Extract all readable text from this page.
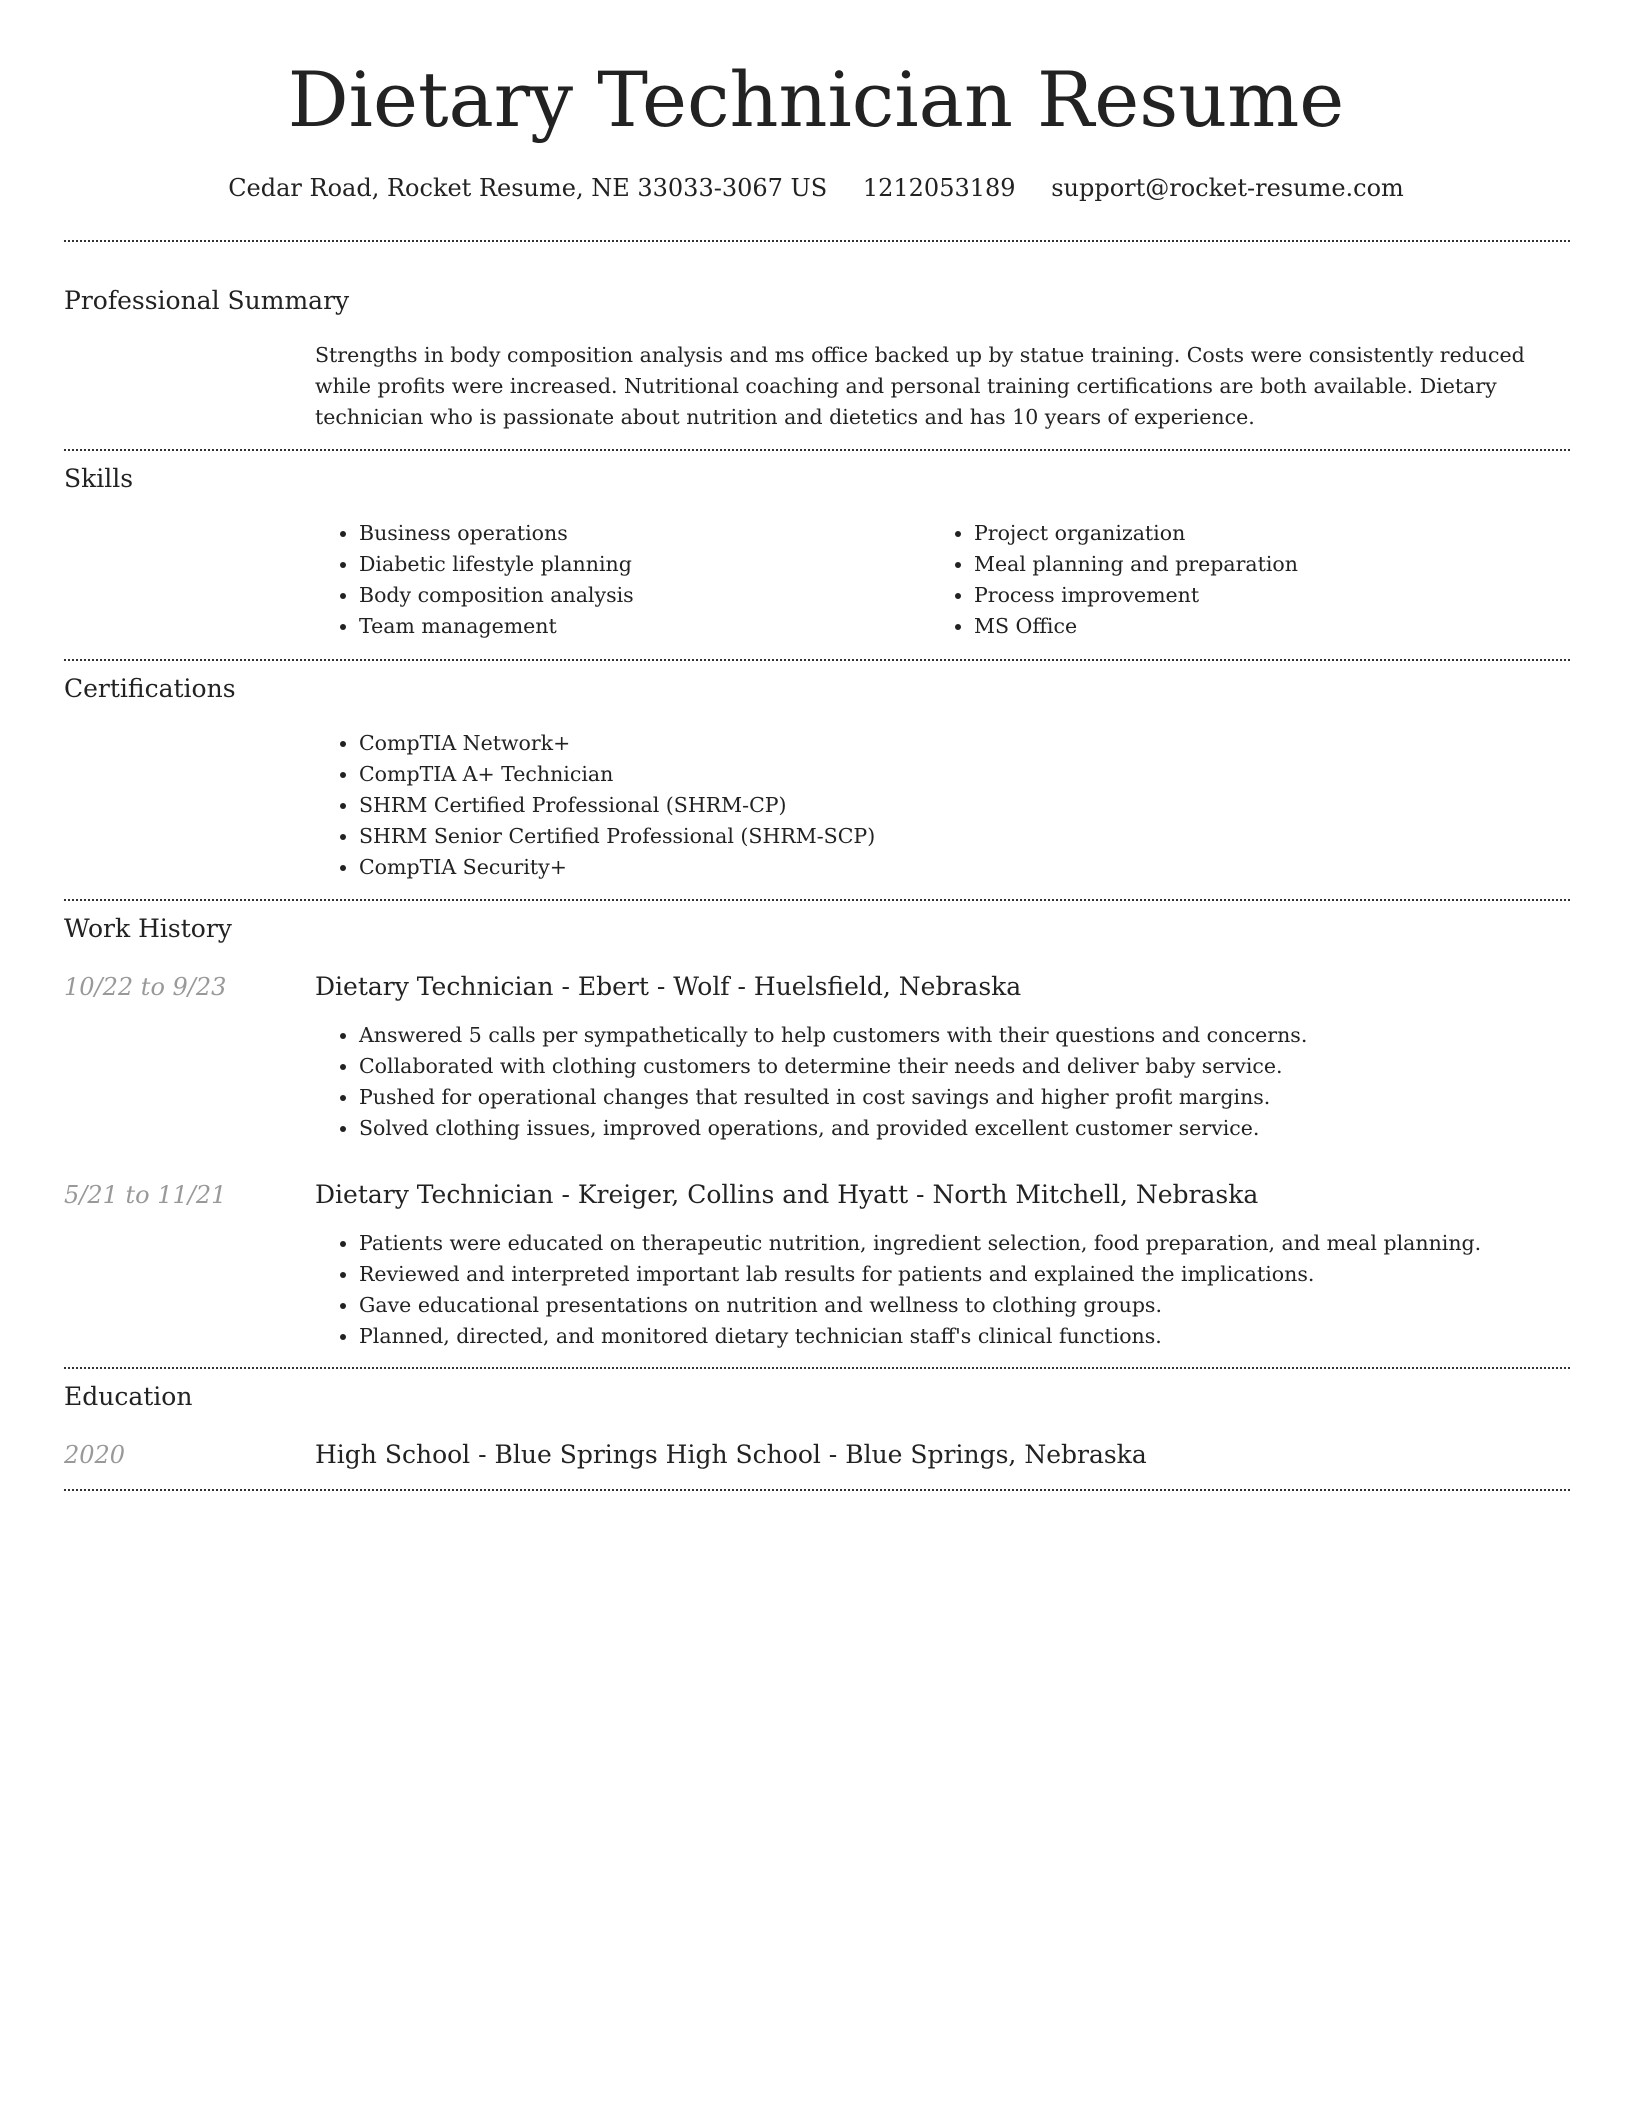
Dietary Technician Resume
Cedar Road, Rocket Resume, NE 33033-3067 US 1212053189 support@rocket-resume.com
Professional Summary

Strengths in body composition analysis and ms office backed up by statue training. Costs were consistently reduced while profits were increased. Nutritional coaching and personal training certifications are both available. Dietary technician who is passionate about nutrition and dietetics and has 10 years of experience.

Skills
• Business operations
• Diabetic lifestyle planning
• Body composition analysis
• Team management
• Project organization
• Meal planning and preparation
• Process improvement
• MS Office
Certifications
• CompTIA Network+
• CompTIA A+ Technician
• SHRM Certified Professional (SHRM-CP)
• SHRM Senior Certified Professional (SHRM-SCP)
• CompTIA Security+
Work History
10/22 to 9/23	Dietary Technician - Ebert - Wolf - Huelsfield, Nebraska
• Answered 5 calls per sympathetically to help customers with their questions and concerns.
• Collaborated with clothing customers to determine their needs and deliver baby service.
• Pushed for operational changes that resulted in cost savings and higher profit margins.
• Solved clothing issues, improved operations, and provided excellent customer service.
5/21 to 11/21	Dietary Technician - Kreiger, Collins and Hyatt - North Mitchell, Nebraska
• Patients were educated on therapeutic nutrition, ingredient selection, food preparation, and meal planning.
• Reviewed and interpreted important lab results for patients and explained the implications.
• Gave educational presentations on nutrition and wellness to clothing groups.
• Planned, directed, and monitored dietary technician staff's clinical functions.
Education
2020	High School - Blue Springs High School - Blue Springs, Nebraska
